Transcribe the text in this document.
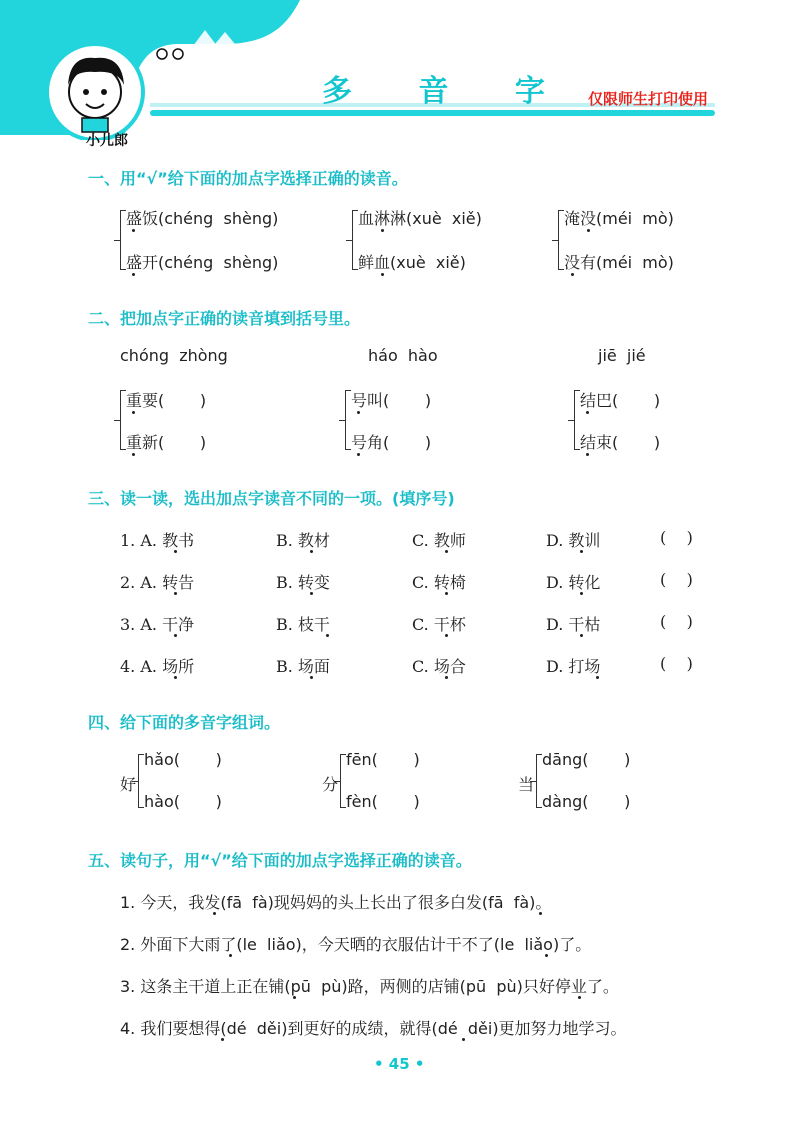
多 音 字 仅限师生打印使用
小儿郎
一、用“√”给下面的加点字选择正确的读音。
盛饭(chéng  shèng)
盛开(chéng  shèng)
血淋淋(xuè  xiě)
鲜血(xuè  xiě)
淹没(méi  mò)
没有(méi  mò)
二、把加点字正确的读音填到括号里。
chóng  zhòng	háo  hào	jiē  jié
重要(       )
重新(       )
号叫(       )
号角(       )
结巴(       )
结束(       )
三、读一读，选出加点字读音不同的一项。(填序号)
1. A. 教书	B. 教材	C. 教师	D. 教训	(    )
2. A. 转告	B. 转变	C. 转椅	D. 转化	(    )
3. A. 干净	B. 枝干	C. 干杯	D. 干枯	(    )
4. A. 场所	B. 场面	C. 场合	D. 打场	(    )
四、给下面的多音字组词。
好
hǎo(       )
hào(       )
分
fēn(       )
fèn(       )
当
dāng(       )
dàng(       )
五、读句子，用“√”给下面的加点字选择正确的读音。
1. 今天，我发(fā  fà)现妈妈的头上长出了很多白发(fā  fà)。
2. 外面下大雨了(le  liǎo)，今天晒的衣服估计干不了(le  liǎo)了。
3. 这条主干道上正在铺(pū  pù)路，两侧的店铺(pū  pù)只好停业了。
4. 我们要想得(dé  děi)到更好的成绩，就得(dé  děi)更加努力地学习。
• 45 •
